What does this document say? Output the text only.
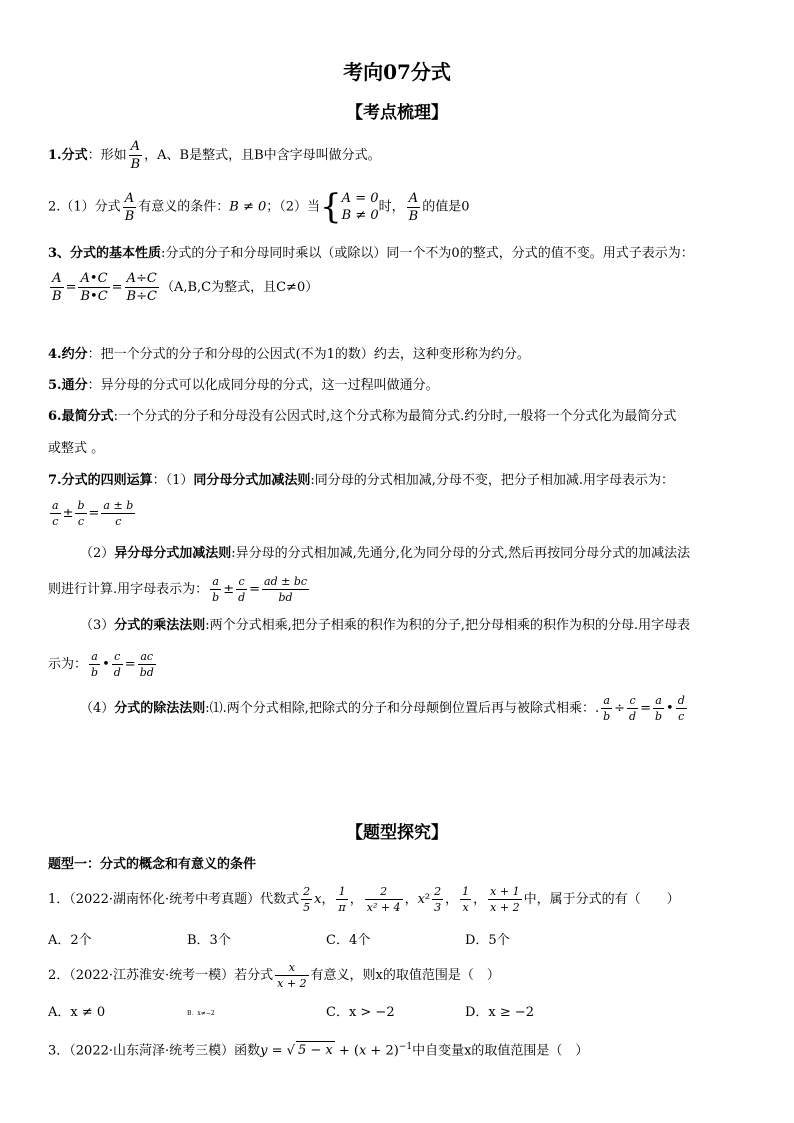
考向07分式
【考点梳理】
1.分式：形如 $\frac{A}{B}$ ，A、B是整式，且B中含字母叫做分式。
2.（1）分式 $\frac{A}{B}$ 有意义的条件：B ≠ 0；（2）当{ A = 0
B ≠ 0
时， $\frac{A}{B}$ 的值是0
3、分式的基本性质:分式的分子和分母同时乘以（或除以）同一个不为0的整式，分式的值不变。用式子表示为：
$\frac{A}{B} = \frac{A•C}{B•C} = \frac{A\div C}{B\div C} (A,B,C$为整式，且C≠0）
4.约分：把一个分式的分子和分母的公因式(不为1的数）约去，这种变形称为约分。
5.通分：异分母的分式可以化成同分母的分式，这一过程叫做通分。
6.最简分式:一个分式的分子和分母没有公因式时,这个分式称为最简分式.约分时,一般将一个分式化为最简分式
或整式 。
7.分式的四则运算：（1）同分母分式加减法则:同分母的分式相加减,分母不变，把分子相加减.用字母表示为：
$\frac{a}{c} \pm \frac{b}{c} = \frac{a \pm b}{c}$
（2）异分母分式加减法则:异分母的分式相加减,先通分,化为同分母的分式,然后再按同分母分式的加减法法
则进行计算.用字母表示为： $\frac{a}{b} \pm \frac{c}{d} = \frac{ad \pm bc}{bd}$
（3）分式的乘法法则:两个分式相乘,把分子相乘的积作为积的分子,把分母相乘的积作为积的分母.用字母表
示为： $\frac{a}{b}$ • $\frac{c}{d} = \frac{ac}{bd}$
（4）分式的除法法则:⑴.两个分式相除,把除式的分子和分母颠倒位置后再与被除式相乘：. $\frac{a}{b} \div \frac{c}{d} = \frac{a}{b}$ • $\frac{d}{c}$
【题型探究】
题型一：分式的概念和有意义的条件
1．（2022·湖南怀化·统考中考真题）代数式 $\frac{2}{5}$ x， $\frac{1}{\pi}$ ， $\frac{2}{\text{x² + 4}}$ ，$x^2 \frac{2}{3}$ ， $\frac{1}{x}$ ， $\frac{x + 1}{x + 2}$ 中，属于分式的有（　　）
A．2个	B．3个	C．4个	D．5个
2．（2022·江苏淮安·统考一模）若分式 $\frac{x}{x + 2}$ 有意义，则x的取值范围是（　）
A．x ≠ 0	B．x≠−2	C．x > −2	D．x ≥ −2
3．（2022·山东菏泽·统考三模）函数y = √ $5 - x + (x + 2)^{-1}$中自变量x的取值范围是（　）
